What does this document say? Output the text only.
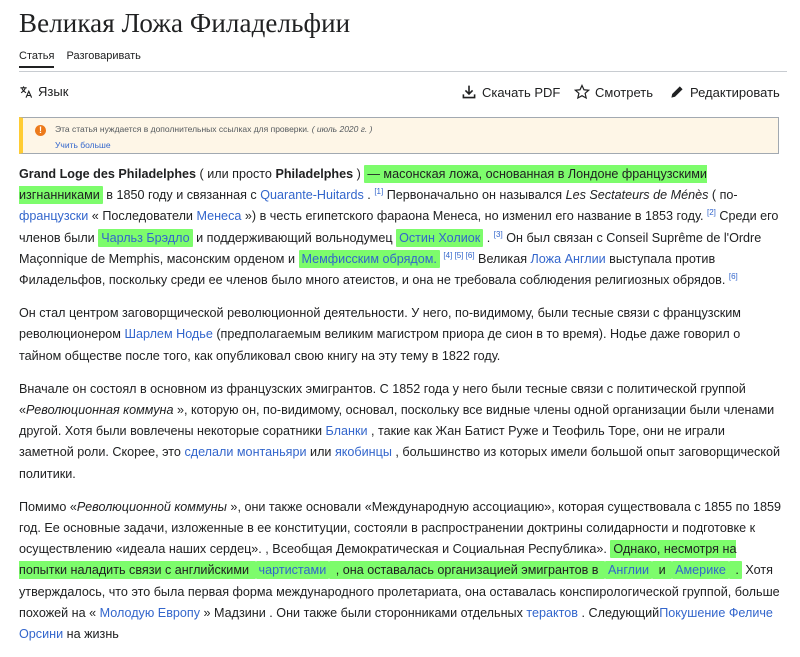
Великая Ложа Филадельфии
Статья Разговаривать
Язык	Скачать PDF	Смотреть	Редактировать
!	Эта статья нуждается в дополнительных ссылках для проверки. ( июль 2020 г. )
Учить больше

Grand Loge des Philadelphes ( или просто Philadelphes ) — масонская ложа, основанная в Лондоне французскими изгнанниками в 1850 году и связанная с Quarante-Huitards . [1] Первоначально он назывался Les Sectateurs de Ménès ( по- французски « Последователи Менеса ») в честь египетского фараона Менеса, но изменил его название в 1853 году. [2] Среди его членов были Чарльз Брэдло и поддерживающий вольнодумец Остин Холиок . [3] Он был связан с Conseil Suprême de l'Ordre Maçonnique de Memphis, масонским орденом и Мемфисским обрядом. [4] [5] [6] Великая Ложа Англии выступала против Филадельфов, поскольку среди ее членов было много атеистов, и она не требовала соблюдения религиозных обрядов. [6]

Он стал центром заговорщической революционной деятельности. У него, по-видимому, были тесные связи с французским революционером Шарлем Нодье (предполагаемым великим магистром приора де сион в то время). Нодье даже говорил о тайном обществе после того, как опубликовал свою книгу на эту тему в 1822 году.

Вначале он состоял в основном из французских эмигрантов. С 1852 года у него были тесные связи с политической группой «Революционная коммуна », которую он, по-видимому, основал, поскольку все видные члены одной организации были членами другой. Хотя были вовлечены некоторые соратники Бланки , такие как Жан Батист Руже и Теофиль Торе, они не играли заметной роли. Скорее, это сделали монтаньяри или якобинцы , большинство из которых имели большой опыт заговорщической политики.

Помимо «Революционной коммуны », они также основали «Международную ассоциацию», которая существовала с 1855 по 1859 год. Ее основные задачи, изложенные в ее конституции, состояли в распространении доктрины солидарности и подготовке к осуществлению «идеала наших сердец». , Всеобщая Демократическая и Социальная Республика». Однако, несмотря на попытки наладить связи с английскими чартистами , она оставалась организацией эмигрантов в Англии и Америке . Хотя утверждалось, что это была первая форма международного пролетариата, она оставалась конспирологической группой, больше похожей на « Молодую Европу » Мадзини . Они также были сторонниками отдельных терактов . СледующийПокушение Феличе Орсини на жизнь
